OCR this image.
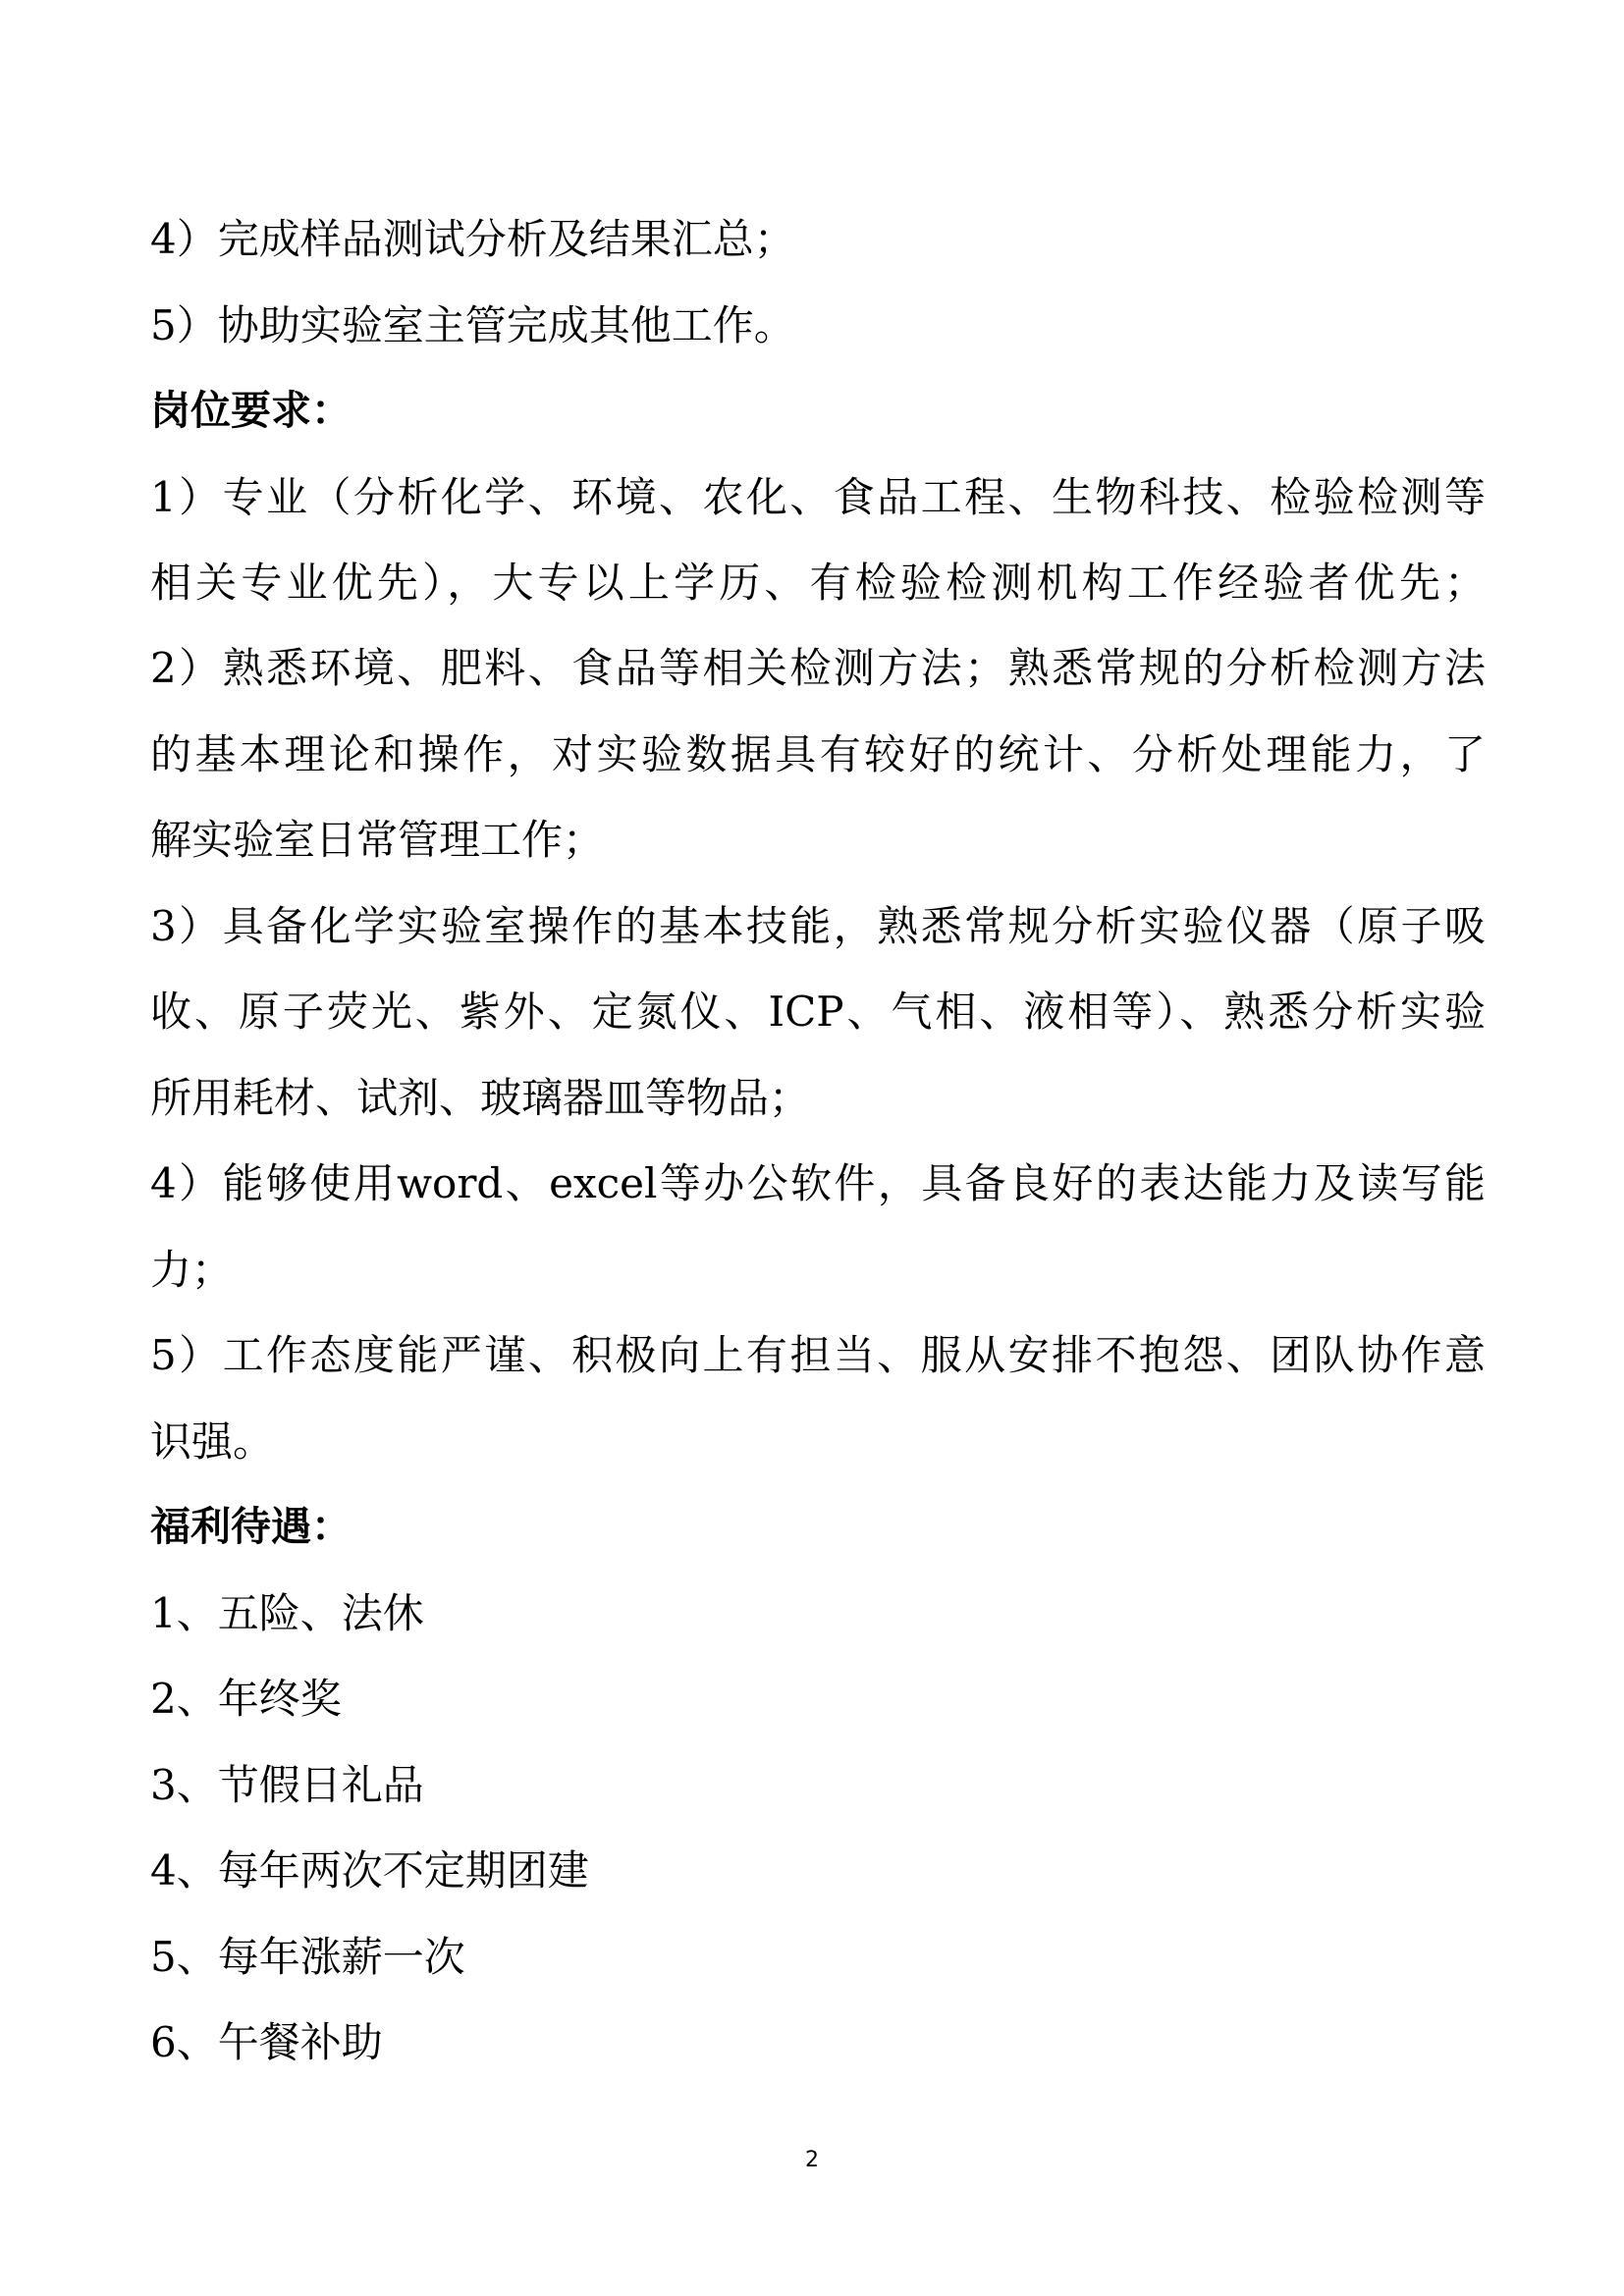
4）完成样品测试分析及结果汇总；
5）协助实验室主管完成其他工作。
岗位要求：
1）专业（分析化学、环境、农化、食品工程、生物科技、检验检测等
相关专业优先），大专以上学历、有检验检测机构工作经验者优先；
2）熟悉环境、肥料、食品等相关检测方法；熟悉常规的分析检测方法
的基本理论和操作，对实验数据具有较好的统计、分析处理能力，了
解实验室日常管理工作；
3）具备化学实验室操作的基本技能，熟悉常规分析实验仪器（原子吸
收、原子荧光、紫外、定氮仪、ICP、气相、液相等）、熟悉分析实验
所用耗材、试剂、玻璃器皿等物品；
4）能够使用word、excel等办公软件，具备良好的表达能力及读写能
力；
5）工作态度能严谨、积极向上有担当、服从安排不抱怨、团队协作意
识强。
福利待遇：
1、五险、法休
2、年终奖
3、节假日礼品
4、每年两次不定期团建
5、每年涨薪一次
6、午餐补助
2
